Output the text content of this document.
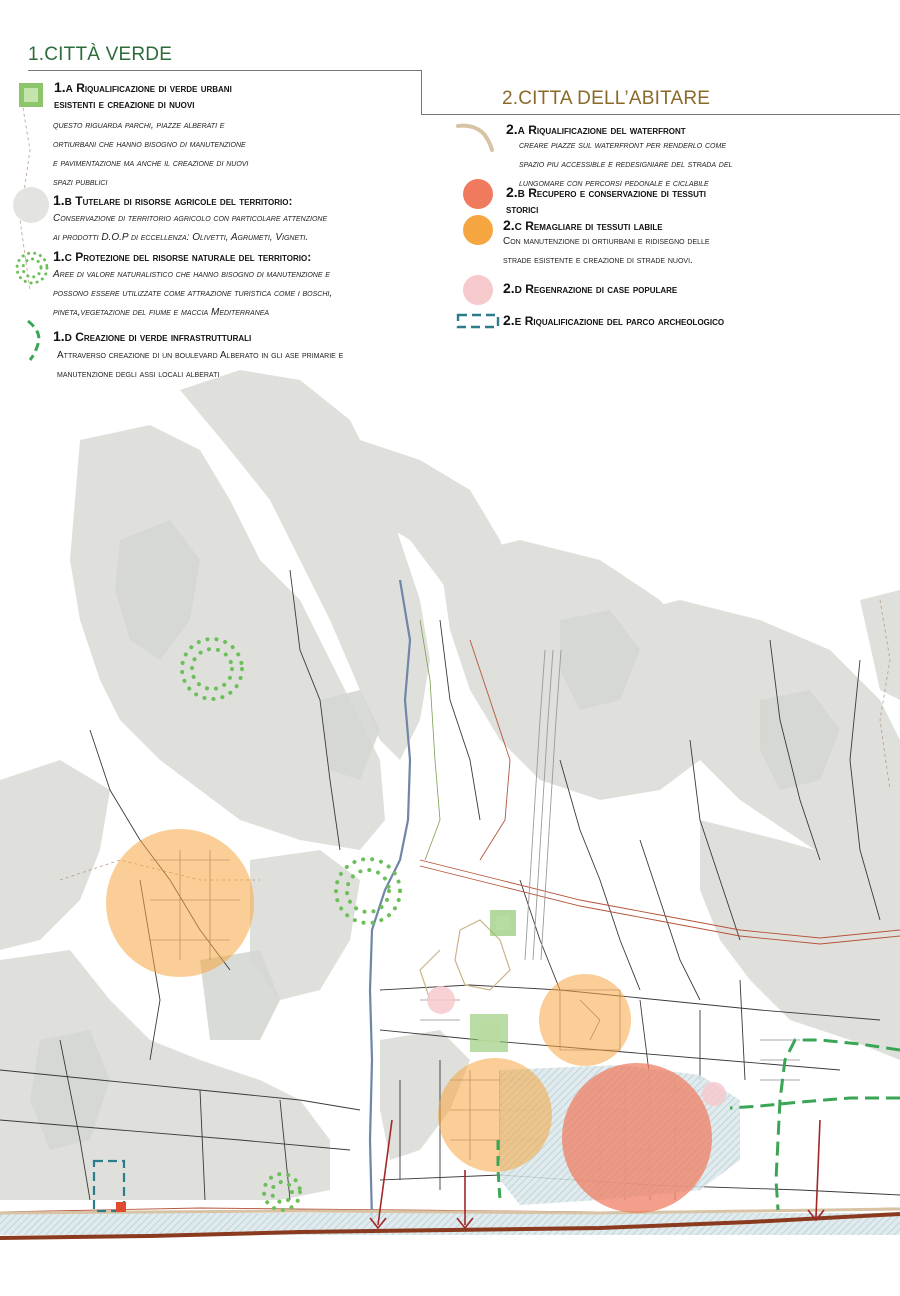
1.CITTÀ VERDE
1.a Riqualificazione di verde urbani
esistenti e creazione di nuovi
questo riguarda parchi, piazze alberati e
ortiurbani che hanno bisogno di manutenzione
e pavimentazione ma anche il creazione di nuovi
spazi pubblici
1.b Tutelare di risorse agricole del territorio:
Conservazione di territorio agricolo con particolare attenzione
ai prodotti D.O.P di eccellenza: Olivetti, Agrumeti, Vigneti.
1.c Protezione del risorse naturale del territorio:
Aree di valore naturalistico che hanno bisogno di manutenzione e
possono essere utilizzate come attrazione turistica come i boschi,
pineta,vegetazione del fiume e maccia Mediterranea
1.d Creazione di verde infrastrutturali
Attraverso creazione di un boulevard Alberato in gli ase primarie e
manutenzione degli assi locali alberati
2.CITTA DELL’ABITARE
2.a Riqualificazione del waterfront
creare piazze sul waterfront per renderlo come
spazio piu accessible e redesigniare del strada del
lungomare con percorsi pedonale e ciclabile
2.b Recupero e conservazione di tessuti
storici
2.c Remagliare di tessuti labile
Con manutenzione di ortiurbani e ridisegno delle
strade esistente e creazione di strade nuovi.
2.d Regenrazione di case populare
2.e Riqualificazione del parco archeologico
